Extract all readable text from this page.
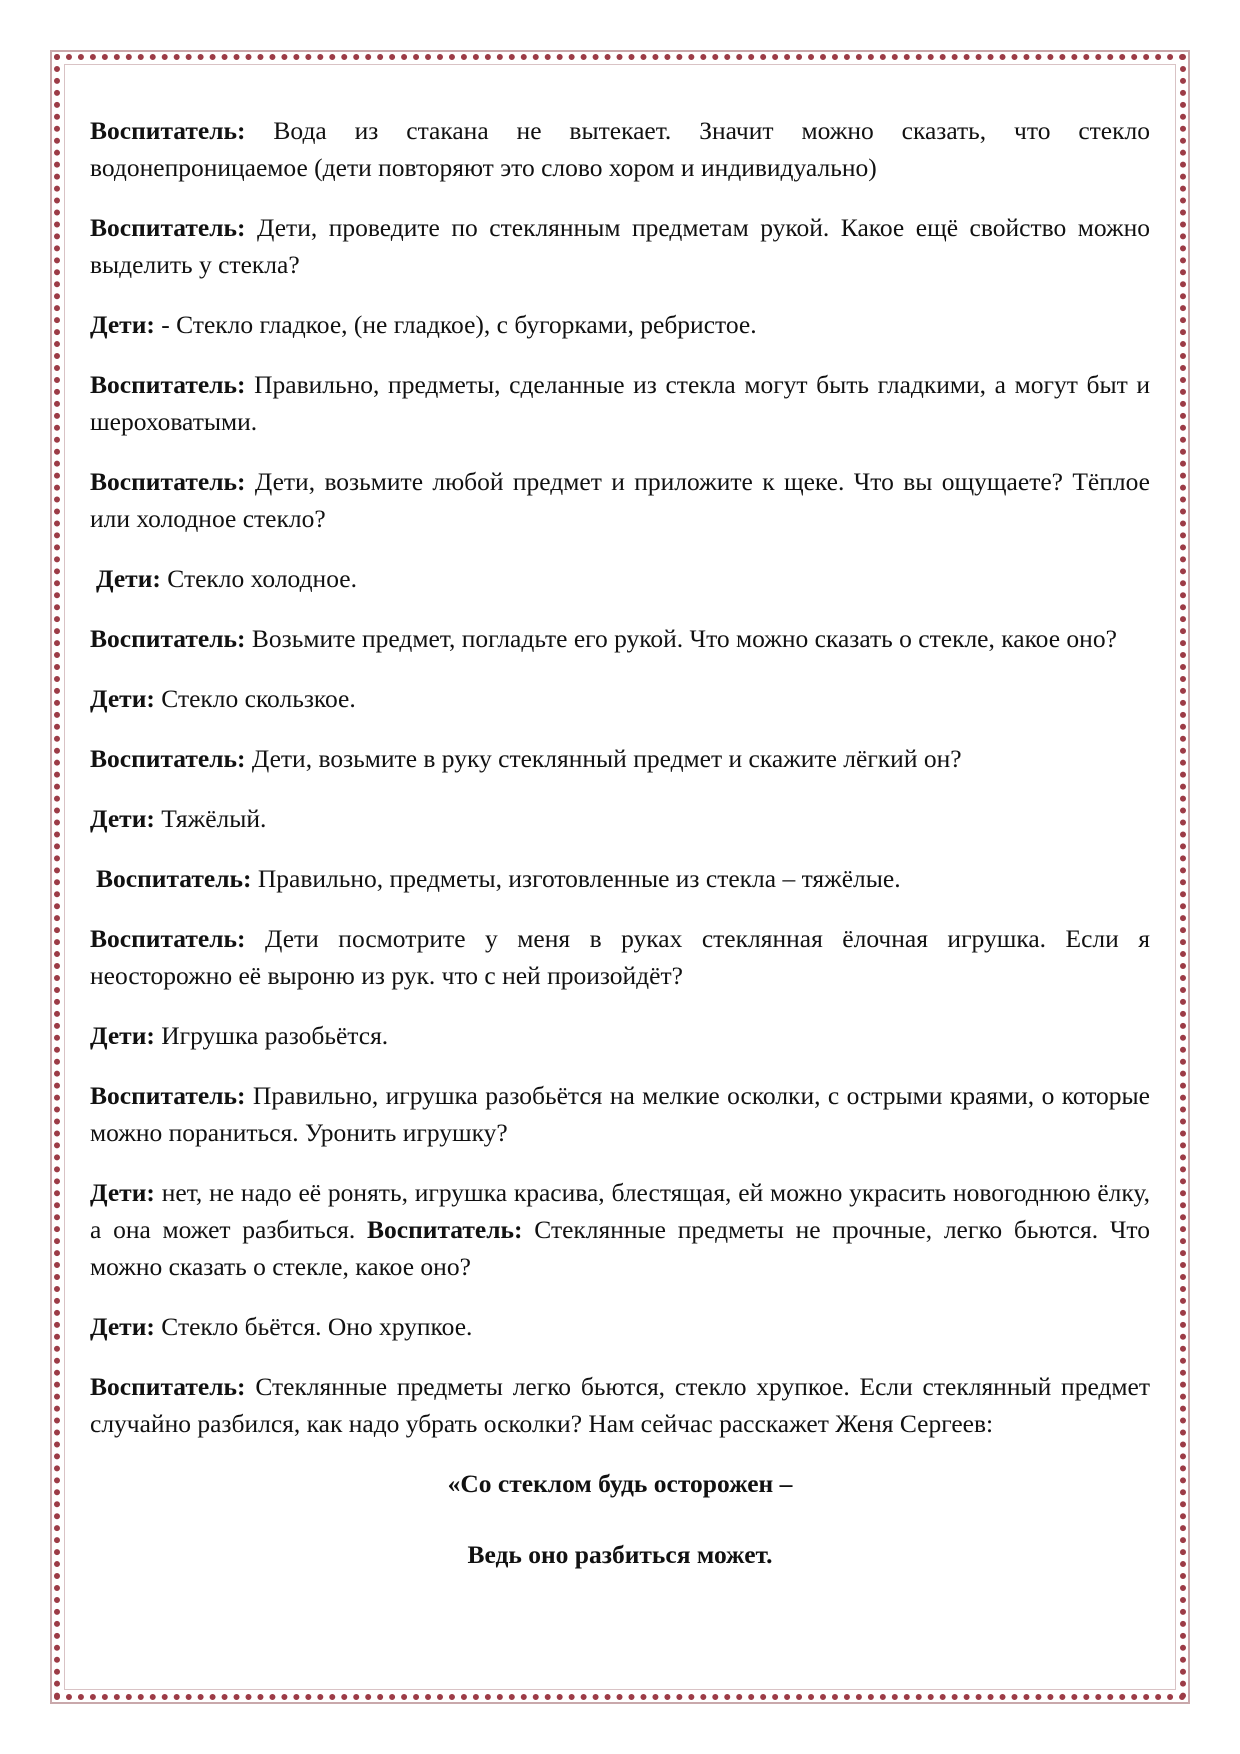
Воспитатель: Вода из стакана не вытекает. Значит можно сказать, что стекло водонепроницаемое (дети повторяют это слово хором и индивидуально)

Воспитатель: Дети, проведите по стеклянным предметам рукой. Какое ещё свойство можно выделить у стекла?

Дети: - Стекло гладкое, (не гладкое), с бугорками, ребристое.

Воспитатель: Правильно, предметы, сделанные из стекла могут быть гладкими, а могут быт и шероховатыми.

Воспитатель: Дети, возьмите любой предмет и приложите к щеке. Что вы ощущаете? Тёплое или холодное стекло?

Дети: Стекло холодное.

Воспитатель: Возьмите предмет, погладьте его рукой. Что можно сказать о стекле, какое оно?

Дети: Стекло скользкое.

Воспитатель: Дети, возьмите в руку стеклянный предмет и скажите лёгкий он?

Дети: Тяжёлый.

Воспитатель: Правильно, предметы, изготовленные из стекла – тяжёлые.

Воспитатель: Дети посмотрите у меня в руках стеклянная ёлочная игрушка. Если я неосторожно её выроню из рук. что с ней произойдёт?

Дети: Игрушка разобьётся.

Воспитатель: Правильно, игрушка разобьётся на мелкие осколки, с острыми краями, о которые можно пораниться. Уронить игрушку?

Дети: нет, не надо её ронять, игрушка красива, блестящая, ей можно украсить новогоднюю ёлку, а она может разбиться. Воспитатель: Стеклянные предметы не прочные, легко бьются. Что можно сказать о стекле, какое оно?

Дети: Стекло бьётся. Оно хрупкое.

Воспитатель: Стеклянные предметы легко бьются, стекло хрупкое. Если стеклянный предмет случайно разбился, как надо убрать осколки? Нам сейчас расскажет Женя Сергеев:

«Со стеклом будь осторожен –

Ведь оно разбиться может.
